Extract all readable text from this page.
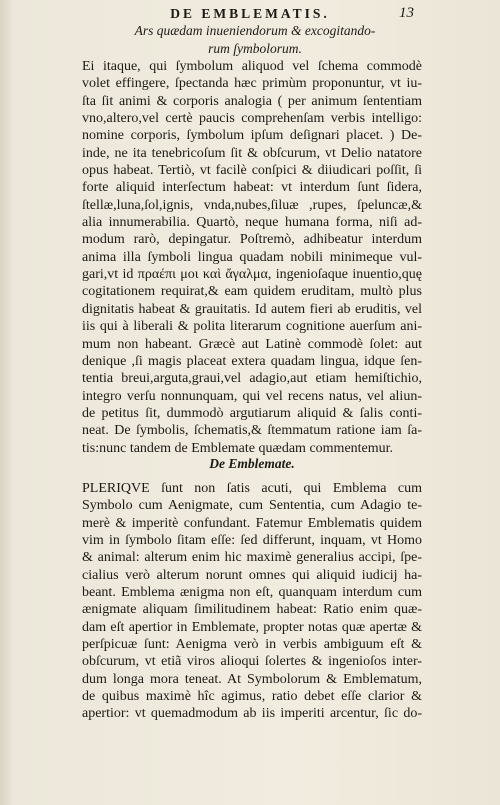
DE EMBLEMATIS.	13
Ars quædam inueniendorum & excogitando-
rum ſymbolorum.
Ei itaque, qui ſymbolum aliquod vel ſchema commodè
volet effingere, ſpectanda hæc primùm proponuntur, vt iu-
ſta ſit animi & corporis analogia ( per animum ſententiam
vno,altero,vel certè paucis comprehenſam verbis intelligo:
nomine corporis, ſymbolum ipſum deſignari placet. ) De-
inde, ne ita tenebricoſum ſit & obſcurum, vt Delio natatore
opus habeat. Tertiò, vt facilè conſpici & diiudicari poſſit, ſi
forte aliquid interſectum habeat: vt interdum ſunt ſidera,
ſtellæ,luna,ſol,ignis, vnda,nubes,ſiluæ ,rupes, ſpeluncæ,&
alia innumerabilia. Quartò, neque humana forma, niſi ad-
modum rarò, depingatur. Poſtremò, adhibeatur interdum
anima illa ſymboli lingua quadam nobili minimeque vul-
gari,vt id πραέπι μοι καὶ ἄγαλμα, ingenioſaque inuentio,quę
cogitationem requirat,& eam quidem eruditam, multò plus
dignitatis habeat & grauitatis. Id autem fieri ab eruditis, vel
iis qui à liberali & polita literarum cognitione auerſum ani-
mum non habeant. Græcè aut Latinè commodè ſolet: aut
denique ,ſi magis placeat extera quadam lingua, idque ſen-
tentia breui,arguta,graui,vel adagio,aut etiam hemiſtichio,
integro verſu nonnunquam, qui vel recens natus, vel aliun-
de petitus ſit, dummodò argutiarum aliquid & ſalis conti-
neat. De ſymbolis, ſchematis,& ſtemmatum ratione iam ſa-
tis:nunc tandem de Emblemate quædam commentemur.
De Emblemate.
PLERIQVE ſunt non ſatis acuti, qui Emblema cum
Symbolo cum Aenigmate, cum Sententia, cum Adagio te-
merè & imperitè confundant. Fatemur Emblematis quidem
vim in ſymbolo ſitam eſſe: ſed differunt, inquam, vt Homo
& animal: alterum enim hic maximè generalius accipi, ſpe-
cialius verò alterum norunt omnes qui aliquid iudicij ha-
beant. Emblema ænigma non eſt, quanquam interdum cum
ænigmate aliquam ſimilitudinem habeat: Ratio enim quæ-
dam eſt apertior in Emblemate, propter notas quæ apertæ &
perſpicuæ ſunt: Aenigma verò in verbis ambiguum eſt &
obſcurum, vt etiã viros alioqui ſolertes & ingenioſos inter-
dum longa mora teneat. At Symbolorum & Emblematum,
de quibus maximè hîc agimus, ratio debet eſſe clarior &
apertior: vt quemadmodum ab iis imperiti arcentur, ſic do-
